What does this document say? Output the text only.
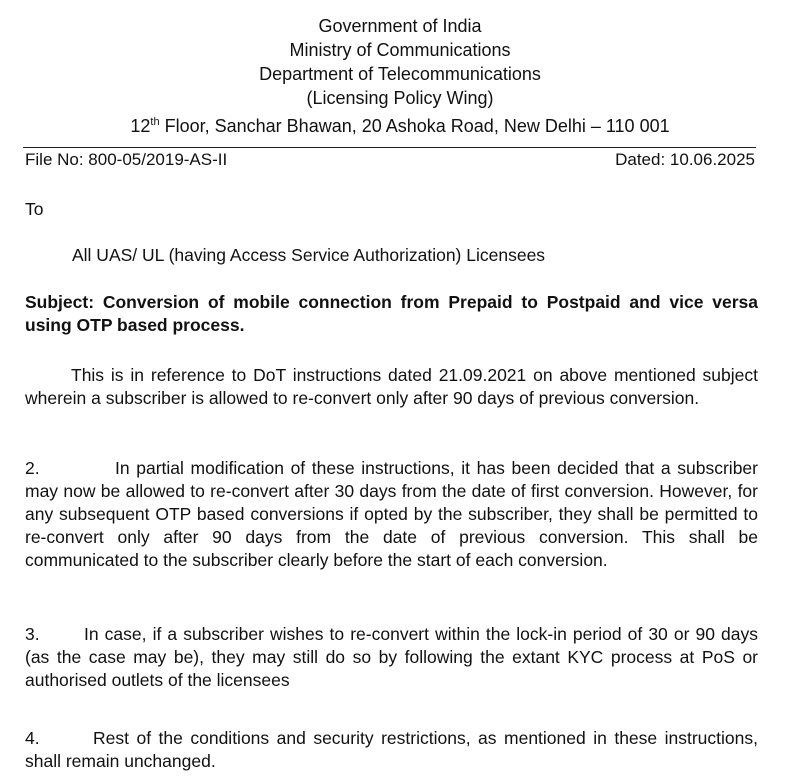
Government of India
Ministry of Communications
Department of Telecommunications
(Licensing Policy Wing)
12th Floor, Sanchar Bhawan, 20 Ashoka Road, New Delhi – 110 001
File No: 800-05/2019-AS-II	Dated: 10.06.2025
To
All UAS/ UL (having Access Service Authorization) Licensees
Subject: Conversion of mobile connection from Prepaid to Postpaid and vice versa using OTP based process.
This is in reference to DoT instructions dated 21.09.2021 on above mentioned subject wherein a subscriber is allowed to re-convert only after 90 days of previous conversion.
2.	In partial modification of these instructions, it has been decided that a subscriber may now be allowed to re-convert after 30 days from the date of first conversion. However, for any subsequent OTP based conversions if opted by the subscriber, they shall be permitted to re-convert only after 90 days from the date of previous conversion. This shall be communicated to the subscriber clearly before the start of each conversion.
3.	In case, if a subscriber wishes to re-convert within the lock-in period of 30 or 90 days (as the case may be), they may still do so by following the extant KYC process at PoS or authorised outlets of the licensees
4.	Rest of the conditions and security restrictions, as mentioned in these instructions, shall remain unchanged.
